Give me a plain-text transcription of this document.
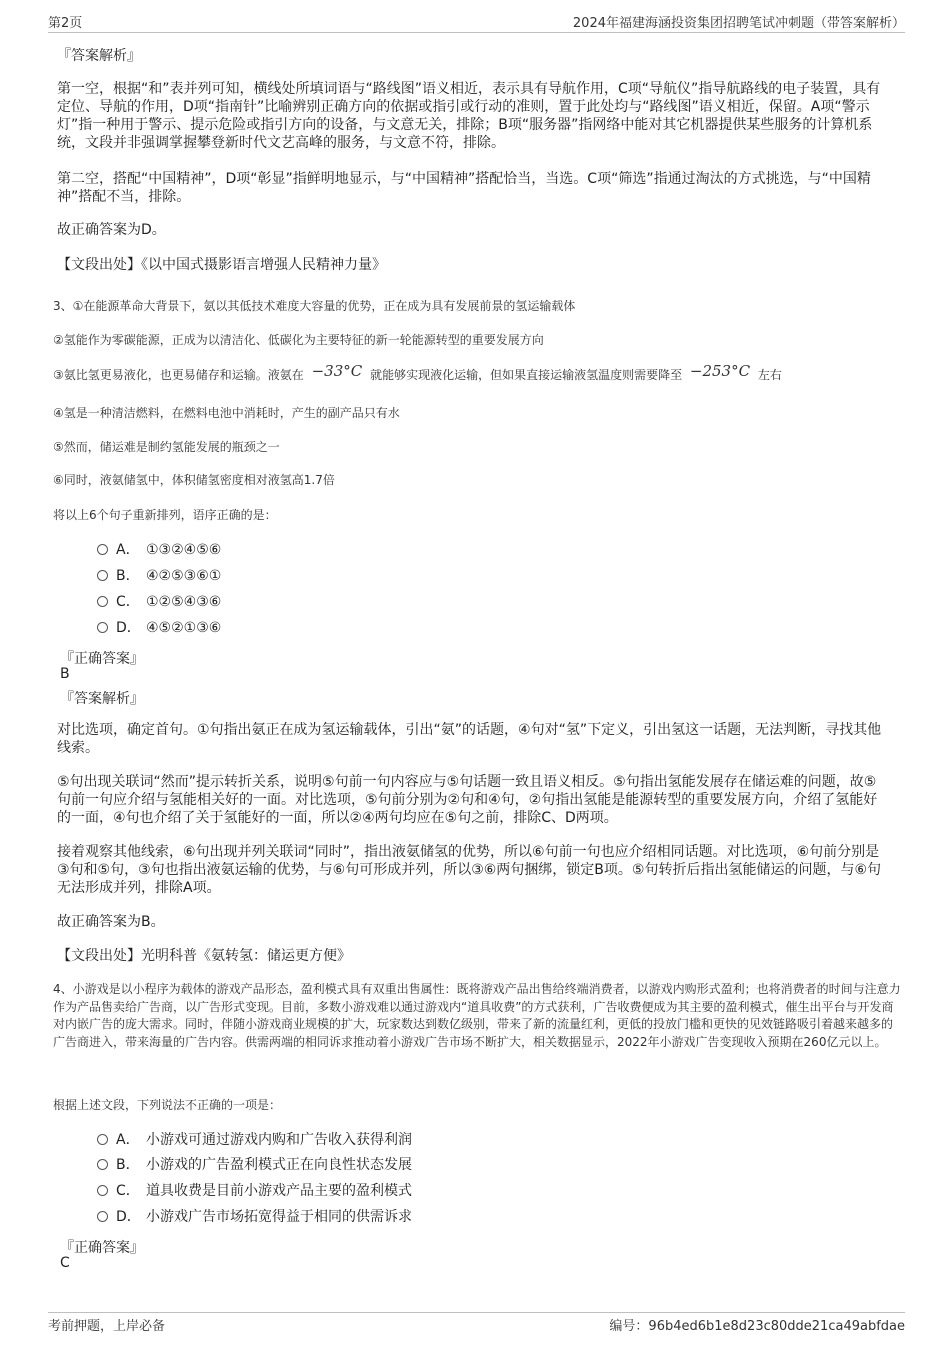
第2页	2024年福建海涵投资集团招聘笔试冲刺题（带答案解析）
『答案解析』
第一空，根据“和”表并列可知，横线处所填词语与“路线图”语义相近，表示具有导航作用，C项“导航仪”指导航路线的电子装置，具有定位、导航的作用，D项“指南针”比喻辨别正确方向的依据或指引或行动的准则，置于此处均与“路线图”语义相近，保留。A项“警示灯”指一种用于警示、提示危险或指引方向的设备，与文意无关，排除；B项“服务器”指网络中能对其它机器提供某些服务的计算机系统，文段并非强调掌握攀登新时代文艺高峰的服务，与文意不符，排除。
第二空，搭配“中国精神”，D项“彰显”指鲜明地显示，与“中国精神”搭配恰当，当选。C项“筛选”指通过淘汰的方式挑选，与“中国精神”搭配不当，排除。
故正确答案为D。
【文段出处】《以中国式摄影语言增强人民精神力量》
3、①在能源革命大背景下，氨以其低技术难度大容量的优势，正在成为具有发展前景的氢运输载体
②氢能作为零碳能源，正成为以清洁化、低碳化为主要特征的新一轮能源转型的重要发展方向
③氨比氢更易液化，也更易储存和运输。液氨在 −33°C 就能够实现液化运输，但如果直接运输液氢温度则需要降至 −253°C 左右
④氢是一种清洁燃料，在燃料电池中消耗时，产生的副产品只有水
⑤然而，储运难是制约氢能发展的瓶颈之一
⑥同时，液氨储氢中，体积储氢密度相对液氢高1.7倍
将以上6个句子重新排列，语序正确的是：
A． ①③②④⑤⑥
B． ④②⑤③⑥①
C． ①②⑤④③⑥
D． ④⑤②①③⑥
『正确答案』
B
『答案解析』
对比选项，确定首句。①句指出氨正在成为氢运输载体，引出“氨”的话题，④句对“氢”下定义，引出氢这一话题，无法判断，寻找其他线索。
⑤句出现关联词“然而”提示转折关系，说明⑤句前一句内容应与⑤句话题一致且语义相反。⑤句指出氢能发展存在储运难的问题，故⑤句前一句应介绍与氢能相关好的一面。对比选项，⑤句前分别为②句和④句，②句指出氢能是能源转型的重要发展方向，介绍了氢能好的一面，④句也介绍了关于氢能好的一面，所以②④两句均应在⑤句之前，排除C、D两项。
接着观察其他线索，⑥句出现并列关联词“同时”，指出液氨储氢的优势，所以⑥句前一句也应介绍相同话题。对比选项，⑥句前分别是③句和⑤句，③句也指出液氨运输的优势，与⑥句可形成并列，所以③⑥两句捆绑，锁定B项。⑤句转折后指出氢能储运的问题，与⑥句无法形成并列，排除A项。
故正确答案为B。
【文段出处】光明科普《氨转氢：储运更方便》
4、小游戏是以小程序为载体的游戏产品形态，盈利模式具有双重出售属性：既将游戏产品出售给终端消费者，以游戏内购形式盈利；也将消费者的时间与注意力作为产品售卖给广告商，以广告形式变现。目前，多数小游戏难以通过游戏内“道具收费”的方式获利，广告收费便成为其主要的盈利模式，催生出平台与开发商对内嵌广告的庞大需求。同时，伴随小游戏商业规模的扩大，玩家数达到数亿级别，带来了新的流量红利，更低的投放门槛和更快的见效链路吸引着越来越多的广告商进入，带来海量的广告内容。供需两端的相同诉求推动着小游戏广告市场不断扩大，相关数据显示，2022年小游戏广告变现收入预期在260亿元以上。
根据上述文段，下列说法不正确的一项是：
A． 小游戏可通过游戏内购和广告收入获得利润
B． 小游戏的广告盈利模式正在向良性状态发展
C． 道具收费是目前小游戏产品主要的盈利模式
D． 小游戏广告市场拓宽得益于相同的供需诉求
『正确答案』
C
考前押题，上岸必备	编号：96b4ed6b1e8d23c80dde21ca49abfdae
